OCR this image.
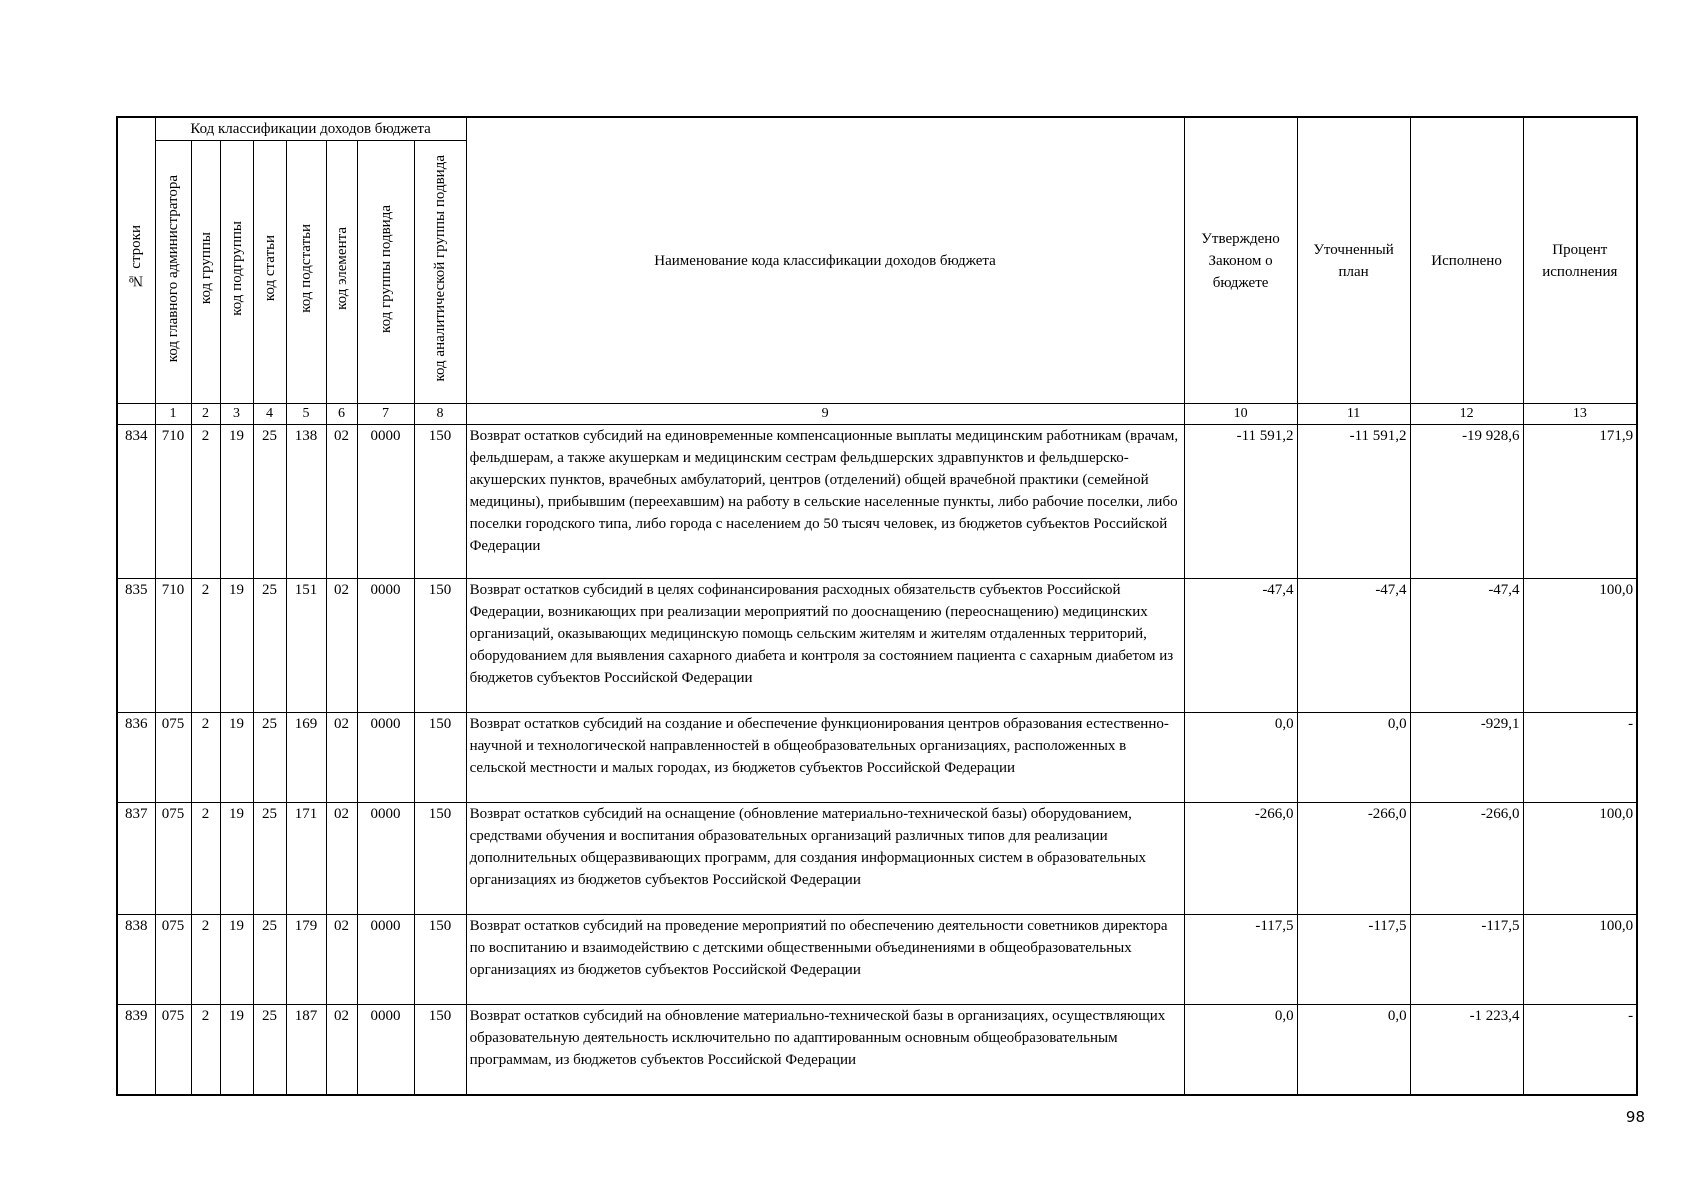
№ строки	Код классификации доходов бюджета								Наименование кода классификации доходов бюджета	Утверждено Законом о бюджете	Уточненный план	Исполнено	Процент исполнения
	код главного администратора	код группы	код подгруппы	код статьи	код подстатьи	код элемента	код группы подвида	код аналитической группы подвида					
	1	2	3	4	5	6	7	8	9	10	11	12	13
834	710	2	19	25	138	02	0000	150	Возврат остатков субсидий на единовременные компенсационные выплаты медицинским работникам (врачам, фельдшерам, а также акушеркам и медицинским сестрам фельдшерских здравпунктов и фельдшерско-акушерских пунктов, врачебных амбулаторий, центров (отделений) общей врачебной практики (семейной медицины), прибывшим (переехавшим) на работу в сельские населенные пункты, либо рабочие поселки, либо поселки городского типа, либо города с населением до 50 тысяч человек, из бюджетов субъектов Российской Федерации	-11 591,2	-11 591,2	-19 928,6	171,9
835	710	2	19	25	151	02	0000	150	Возврат остатков субсидий в целях софинансирования расходных обязательств субъектов Российской Федерации, возникающих при реализации мероприятий по дооснащению (переоснащению) медицинских организаций, оказывающих медицинскую помощь сельским жителям и жителям отдаленных территорий, оборудованием для выявления сахарного диабета и контроля за состоянием пациента с сахарным диабетом из бюджетов субъектов Российской Федерации	-47,4	-47,4	-47,4	100,0
836	075	2	19	25	169	02	0000	150	Возврат остатков субсидий на создание и обеспечение функционирования центров образования естественно-научной и технологической направленностей в общеобразовательных организациях, расположенных в сельской местности и малых городах, из бюджетов субъектов Российской Федерации	0,0	0,0	-929,1	-
837	075	2	19	25	171	02	0000	150	Возврат остатков субсидий на оснащение (обновление материально-технической базы) оборудованием, средствами обучения и воспитания образовательных организаций различных типов для реализации дополнительных общеразвивающих программ, для создания информационных систем в образовательных организациях из бюджетов субъектов Российской Федерации	-266,0	-266,0	-266,0	100,0
838	075	2	19	25	179	02	0000	150	Возврат остатков субсидий на проведение мероприятий по обеспечению деятельности советников директора по воспитанию и взаимодействию с детскими общественными объединениями в общеобразовательных организациях из бюджетов субъектов Российской Федерации	-117,5	-117,5	-117,5	100,0
839	075	2	19	25	187	02	0000	150	Возврат остатков субсидий на обновление материально-технической базы в организациях, осуществляющих образовательную деятельность исключительно по адаптированным основным общеобразовательным программам, из бюджетов субъектов Российской Федерации	0,0	0,0	-1 223,4	-
98
